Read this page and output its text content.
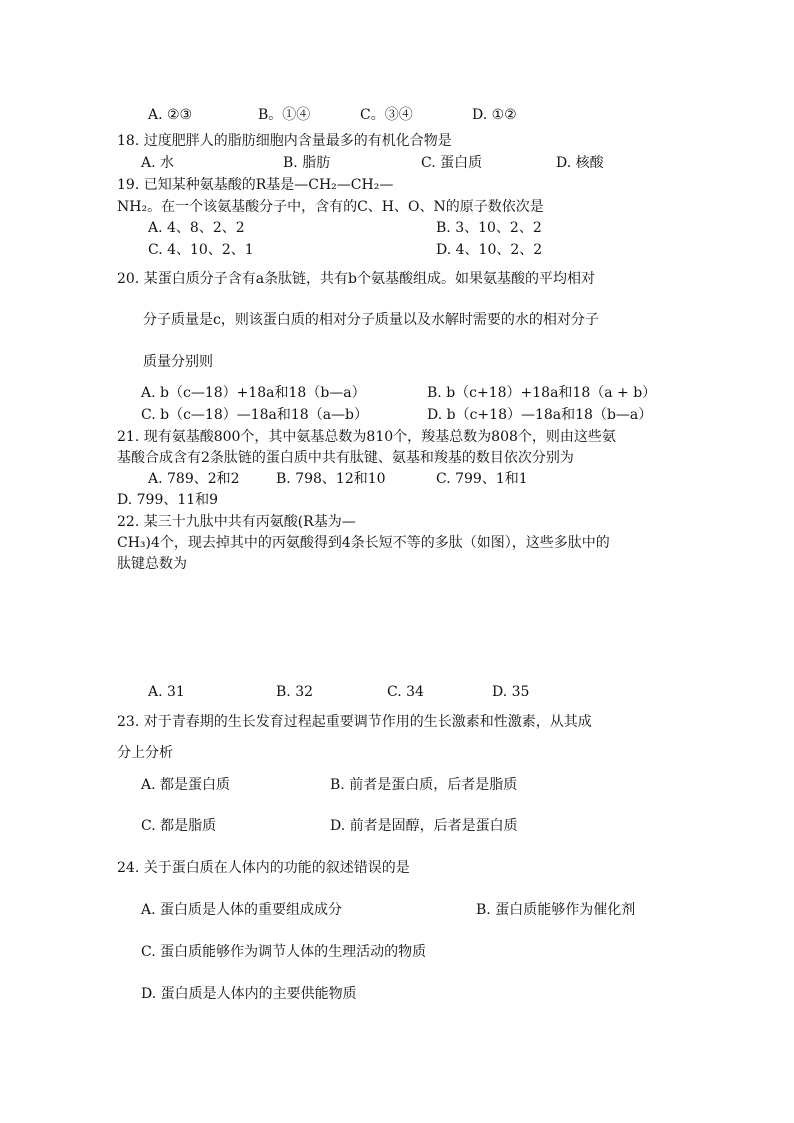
A. ②③	B。①④	C。③④	D. ①②
18. 过度肥胖人的脂肪细胞内含量最多的有机化合物是
A. 水	B. 脂肪	C. 蛋白质	D. 核酸
19. 已知某种氨基酸的R基是—CH₂—CH₂—
NH₂。在一个该氨基酸分子中，含有的C、H、O、N的原子数依次是
A. 4、8、2、2	B. 3、10、2、2
C. 4、10、2、1	D. 4、10、2、2
20. 某蛋白质分子含有a条肽链，共有b个氨基酸组成。如果氨基酸的平均相对
分子质量是c，则该蛋白质的相对分子质量以及水解时需要的水的相对分子
质量分别则
A. b（c—18）+18a和18（b—a）	B. b（c+18）+18a和18（a + b）
C. b（c—18）—18a和18（a—b）	D. b（c+18）—18a和18（b—a）
21. 现有氨基酸800个，其中氨基总数为810个，羧基总数为808个，则由这些氨
基酸合成含有2条肽链的蛋白质中共有肽键、氨基和羧基的数目依次分别为
A. 789、2和2	B. 798、12和10	C. 799、1和1
D. 799、11和9
22. 某三十九肽中共有丙氨酸(R基为—
CH₃)4个，现去掉其中的丙氨酸得到4条长短不等的多肽（如图），这些多肽中的
肽键总数为
A. 31	B. 32	C. 34	D. 35
23. 对于青春期的生长发育过程起重要调节作用的生长激素和性激素，从其成
分上分析
A. 都是蛋白质	B. 前者是蛋白质，后者是脂质
C. 都是脂质	D. 前者是固醇，后者是蛋白质
24. 关于蛋白质在人体内的功能的叙述错误的是
A. 蛋白质是人体的重要组成成分	B. 蛋白质能够作为催化剂
C. 蛋白质能够作为调节人体的生理活动的物质
D. 蛋白质是人体内的主要供能物质
